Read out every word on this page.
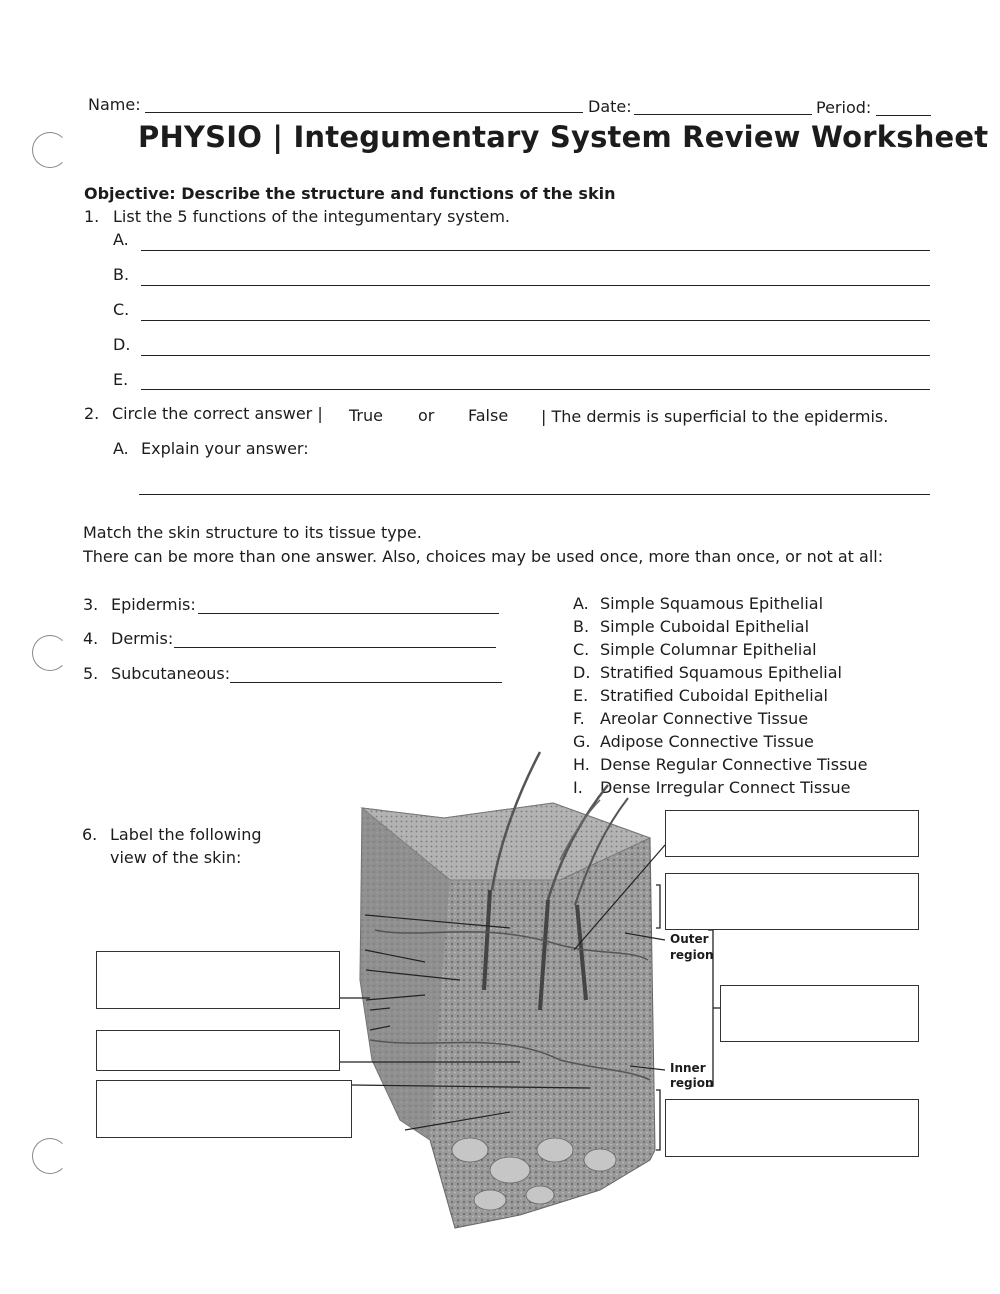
Name:	Date:	Period:
PHYSIO | Integumentary System Review Worksheet
Objective: Describe the structure and functions of the skin
1. List the 5 functions of the integumentary system.
A.
B.
C.
D.
E.
2. Circle the correct answer | True or False | The dermis is superficial to the epidermis.
A. Explain your answer:
Match the skin structure to its tissue type.
There can be more than one answer. Also, choices may be used once, more than once, or not at all:
3. Epidermis:
4. Dermis:
5. Subcutaneous:
A. Simple Squamous Epithelial
B. Simple Cuboidal Epithelial
C. Simple Columnar Epithelial
D. Stratified Squamous Epithelial
E. Stratified Cuboidal Epithelial
F. Areolar Connective Tissue
G. Adipose Connective Tissue
H. Dense Regular Connective Tissue
I. Dense Irregular Connect Tissue
6. Label the following
view of the skin:
Outer
region
Inner
region
